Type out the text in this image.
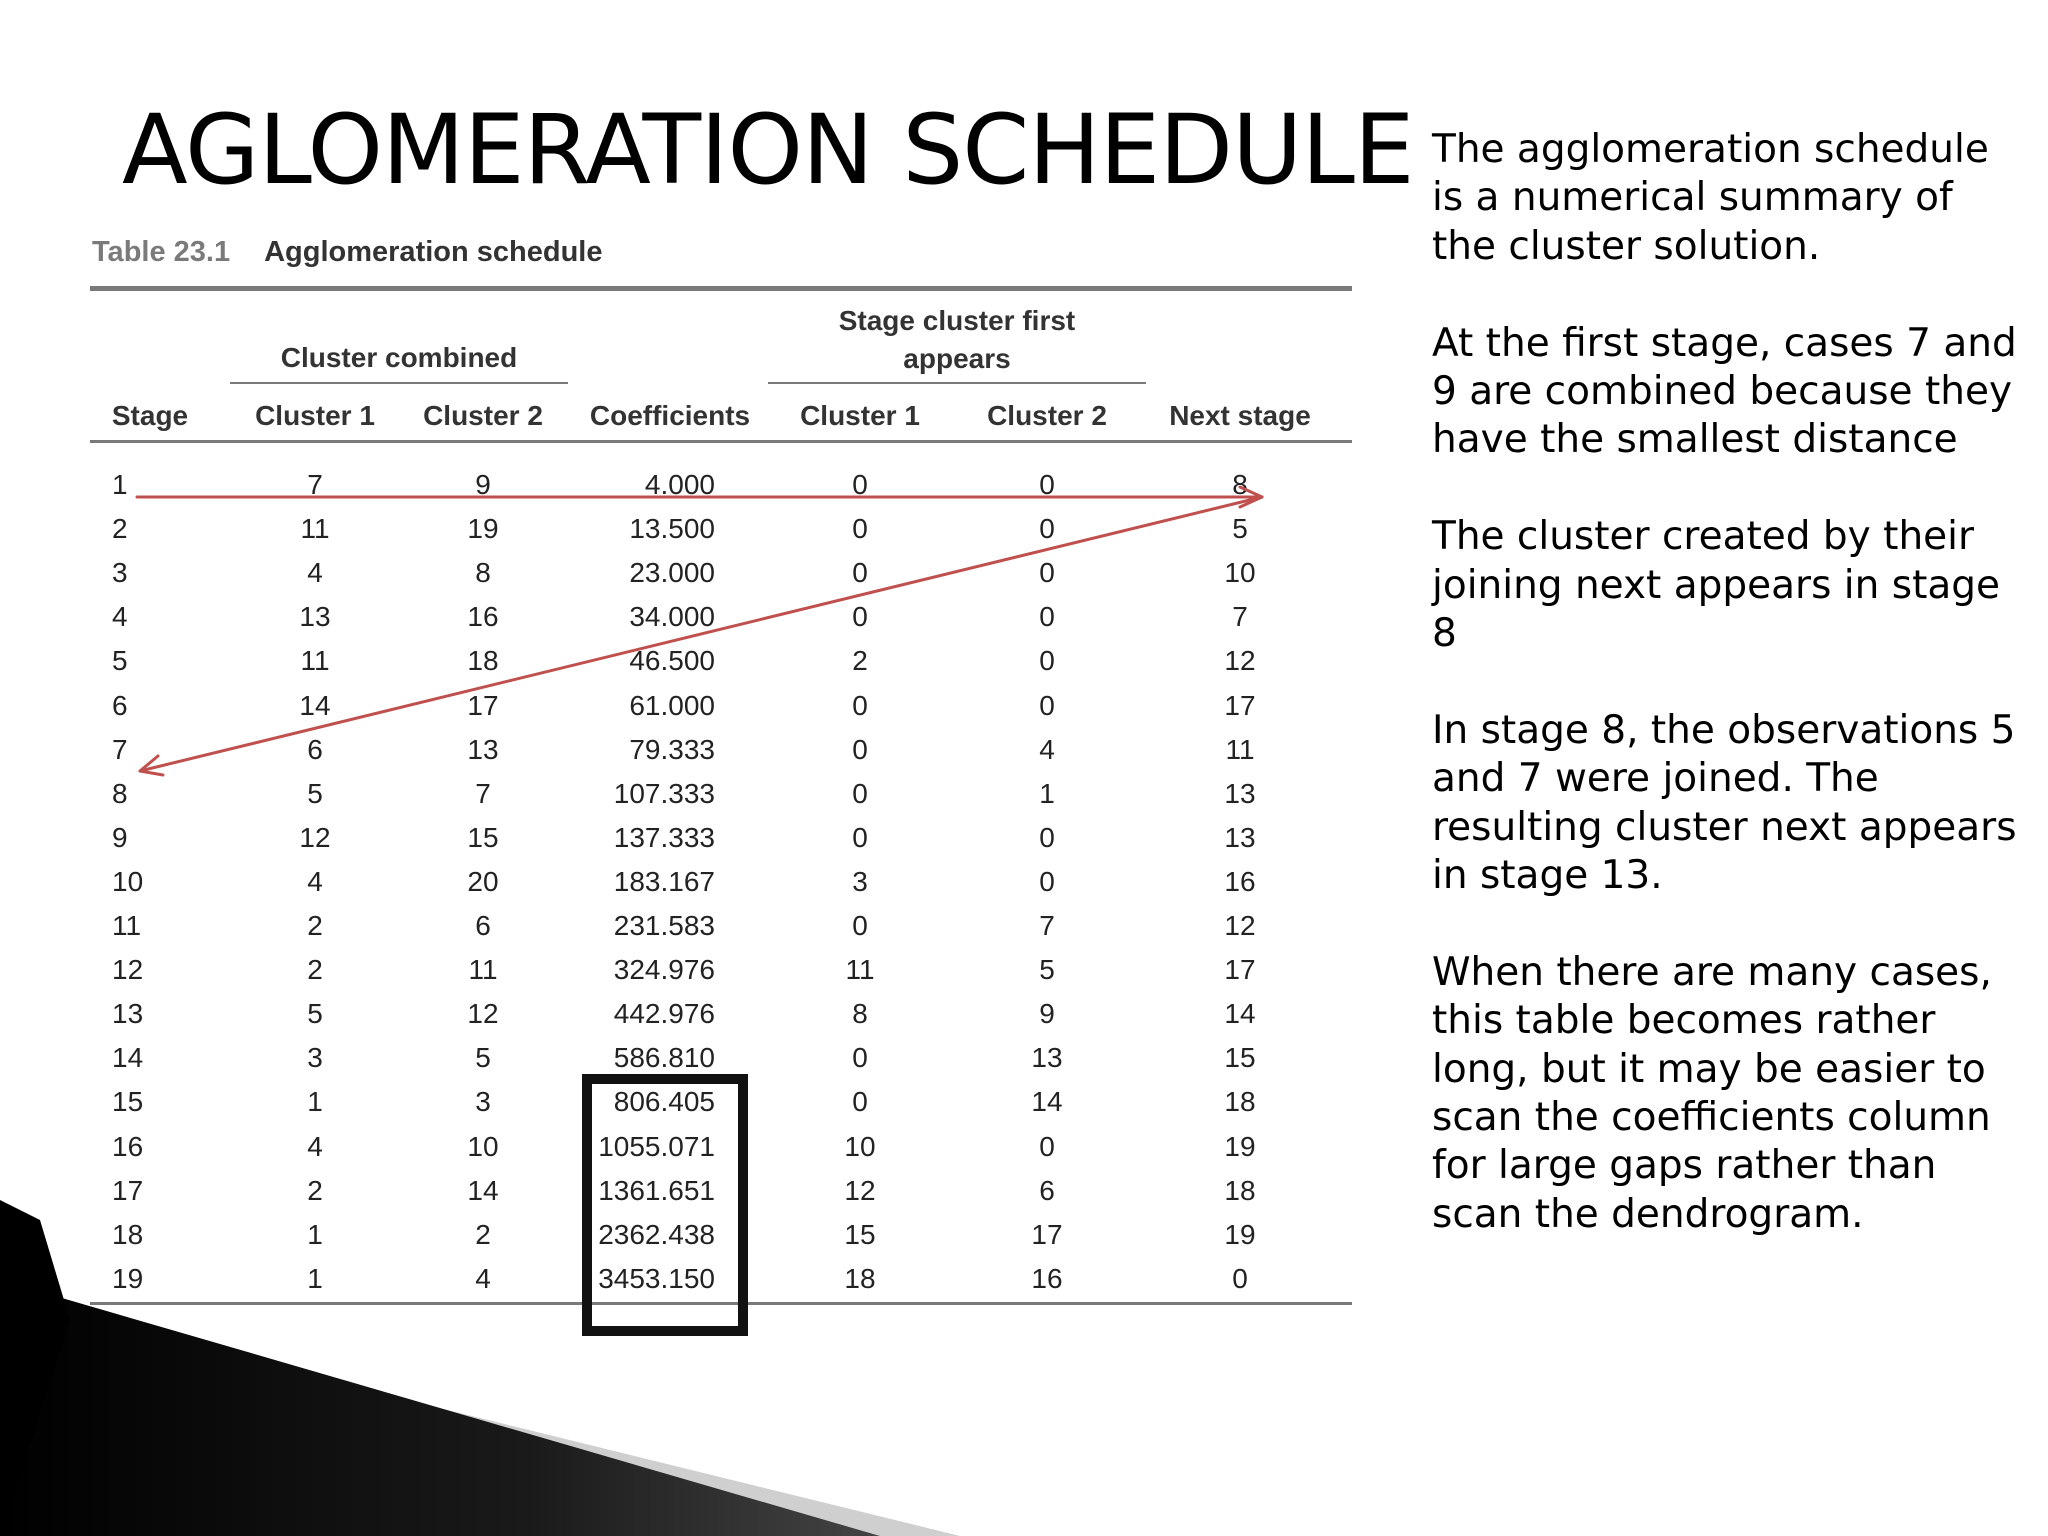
AGLOMERATION SCHEDULE
Table 23.1 Agglomeration schedule
Cluster combined
Stage cluster first
appears
Stage	Cluster 1	Cluster 2	Coefficients	Cluster 1	Cluster 2	Next stage
1	7	9	4.000	0	0	8
2	11	19	13.500	0	0	5
3	4	8	23.000	0	0	10
4	13	16	34.000	0	0	7
5	11	18	46.500	2	0	12
6	14	17	61.000	0	0	17
7	6	13	79.333	0	4	11
8	5	7	107.333	0	1	13
9	12	15	137.333	0	0	13
10	4	20	183.167	3	0	16
11	2	6	231.583	0	7	12
12	2	11	324.976	11	5	17
13	5	12	442.976	8	9	14
14	3	5	586.810	0	13	15
15	1	3	806.405	0	14	18
16	4	10	1055.071	10	0	19
17	2	14	1361.651	12	6	18
18	1	2	2362.438	15	17	19
19	1	4	3453.150	18	16	0

The agglomeration schedule is a numerical summary of the cluster solution.

At the first stage, cases 7 and 9 are combined because they have the smallest distance

The cluster created by their joining next appears in stage 8

In stage 8, the observations 5 and 7 were joined. The resulting cluster next appears in stage 13.

When there are many cases, this table becomes rather long, but it may be easier to scan the coefficients column for large gaps rather than scan the dendrogram.
